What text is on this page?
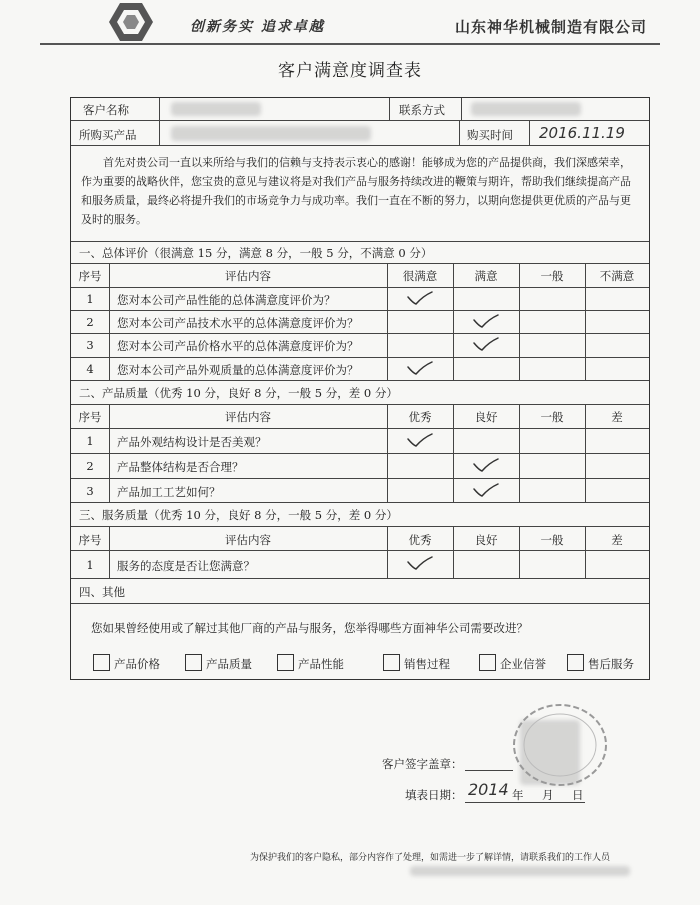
创新务实 追求卓越	山东神华机械制造有限公司
客户满意度调查表
客户名称	联系方式
所购买产品	购买时间 2016.11.19
首先对贵公司一直以来所给与我们的信赖与支持表示衷心的感谢！能够成为您的产品提供商，我们深感荣幸，作为重要的战略伙伴，您宝贵的意见与建议将是对我们产品与服务持续改进的鞭策与期许，帮助我们继续提高产品和服务质量，最终必将提升我们的市场竞争力与成功率。我们一直在不断的努力，以期向您提供更优质的产品与更及时的服务。
一、总体评价（很满意 15 分，满意 8 分，一般 5 分，不满意 0 分）
序号	评估内容	很满意	满意	一般	不满意
1	您对本公司产品性能的总体满意度评价为？
2	您对本公司产品技术水平的总体满意度评价为？
3	您对本公司产品价格水平的总体满意度评价为？
4	您对本公司产品外观质量的总体满意度评价为？
二、产品质量（优秀 10 分，良好 8 分，一般 5 分，差 0 分）
序号	评估内容	优秀	良好	一般	差
1	产品外观结构设计是否美观？
2	产品整体结构是否合理？
3	产品加工工艺如何？
三、服务质量（优秀 10 分，良好 8 分，一般 5 分，差 0 分）
序号	评估内容	优秀	良好	一般	差
1	服务的态度是否让您满意？
四、其他
您如果曾经使用或了解过其他厂商的产品与服务，您举得哪些方面神华公司需要改进？
产品价格	产品质量	产品性能	销售过程	企业信誉	售后服务
客户签字盖章：
填表日期： 2014 年 月 日
为保护我们的客户隐私，部分内容作了处理，如需进一步了解详情，请联系我们的工作人员
